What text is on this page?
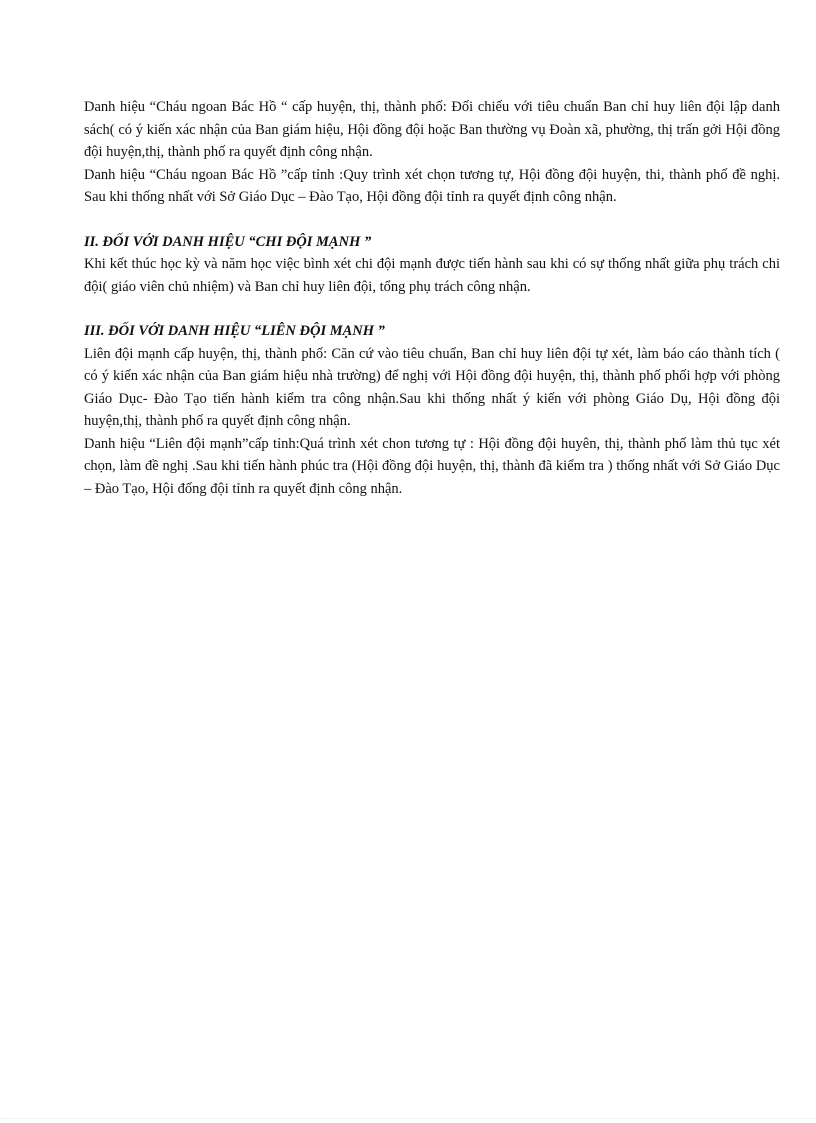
Danh hiệu “Cháu ngoan Bác Hồ “ cấp huyện, thị, thành phố: Đối chiếu với tiêu chuẩn Ban chỉ huy liên đội lập danh sách( có ý kiến xác nhận của Ban giám hiệu, Hội đồng đội hoặc Ban thường vụ Đoàn xã, phường, thị trấn gởi Hội đồng đội huyện,thị, thành phố ra quyết định công nhận.

Danh hiệu “Cháu ngoan Bác Hồ ”cấp tỉnh :Quy trình xét chọn tương tự, Hội đồng đội huyện, thi, thành phố đề nghị. Sau khi thống nhất với Sở Giáo Dục – Đào Tạo, Hội đồng đội tỉnh ra quyết định công nhận.

II. ĐỐI VỚI DANH HIỆU “CHI ĐỘI MẠNH ”

Khi kết thúc học kỳ và năm học việc bình xét chi đội mạnh được tiến hành sau khi có sự thống nhất giữa phụ trách chi đội( giáo viên chủ nhiệm) và Ban chỉ huy liên đội, tổng phụ trách công nhận.

III. ĐỐI VỚI DANH HIỆU “LIÊN ĐỘI MẠNH ”

Liên đội mạnh cấp huyện, thị, thành phố: Căn cứ vào tiêu chuẩn, Ban chỉ huy liên đội tự xét, làm báo cáo thành tích ( có ý kiến xác nhận của Ban giám hiệu nhà trường) để nghị với Hội đồng đội huyện, thị, thành phố phối hợp với phòng Giáo Dục- Đào Tạo tiến hành kiểm tra công nhận.Sau khi thống nhất ý kiến với phòng Giáo Dụ, Hội đồng đội huyện,thị, thành phố ra quyết định công nhận.

Danh hiệu “Liên đội mạnh”cấp tỉnh:Quá trình xét chon tương tự : Hội đồng đội huyên, thị, thành phố làm thủ tục xét chọn, làm đề nghị .Sau khi tiến hành phúc tra (Hội đồng đội huyện, thị, thành đã kiểm tra ) thống nhất với Sở Giáo Dục – Đào Tạo, Hội đống đội tỉnh ra quyết định công nhận.
